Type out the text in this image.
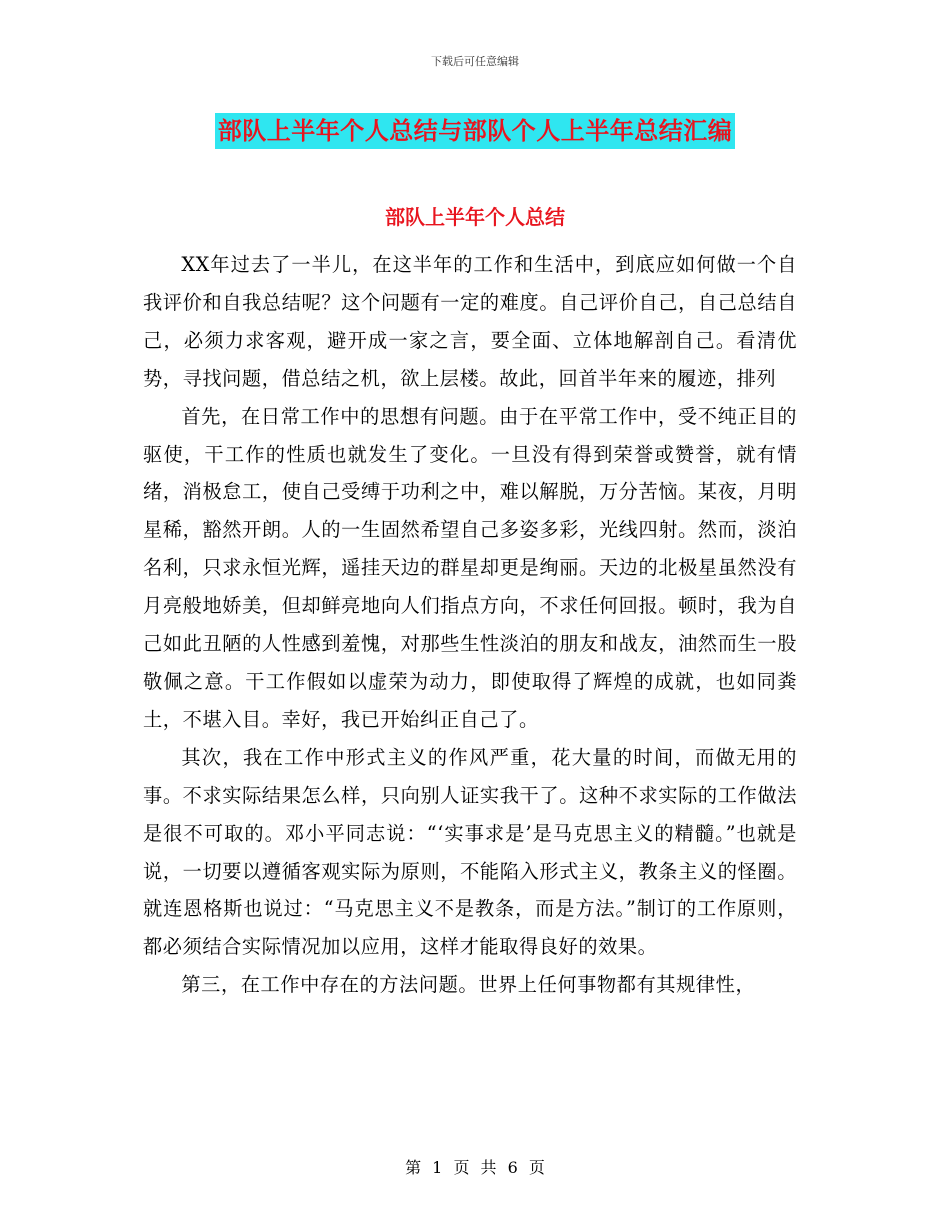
下载后可任意编辑
部队上半年个人总结与部队个人上半年总结汇编
部队上半年个人总结

XX年过去了一半儿，在这半年的工作和生活中，到底应如何做一个自我评价和自我总结呢？这个问题有一定的难度。自己评价自己，自己总结自己，必须力求客观，避开成一家之言，要全面、立体地解剖自己。看清优势，寻找问题，借总结之机，欲上层楼。故此，回首半年来的履迹，排列

首先，在日常工作中的思想有问题。由于在平常工作中，受不纯正目的驱使，干工作的性质也就发生了变化。一旦没有得到荣誉或赞誉，就有情绪，消极怠工，使自己受缚于功利之中，难以解脱，万分苦恼。某夜，月明星稀，豁然开朗。人的一生固然希望自己多姿多彩，光线四射。然而，淡泊名利，只求永恒光辉，遥挂天边的群星却更是绚丽。天边的北极星虽然没有月亮般地娇美，但却鲜亮地向人们指点方向，不求任何回报。顿时，我为自己如此丑陋的人性感到羞愧，对那些生性淡泊的朋友和战友，油然而生一股敬佩之意。干工作假如以虚荣为动力，即使取得了辉煌的成就，也如同粪土，不堪入目。幸好，我已开始纠正自己了。

其次，我在工作中形式主义的作风严重，花大量的时间，而做无用的事。不求实际结果怎么样，只向别人证实我干了。这种不求实际的工作做法是很不可取的。邓小平同志说：“‘实事求是’是马克思主义的精髓。”也就是说，一切要以遵循客观实际为原则，不能陷入形式主义，教条主义的怪圈。就连恩格斯也说过：“马克思主义不是教条，而是方法。”制订的工作原则，都必须结合实际情况加以应用，这样才能取得良好的效果。

第三，在工作中存在的方法问题。世界上任何事物都有其规律性，

第 1 页 共 6 页
